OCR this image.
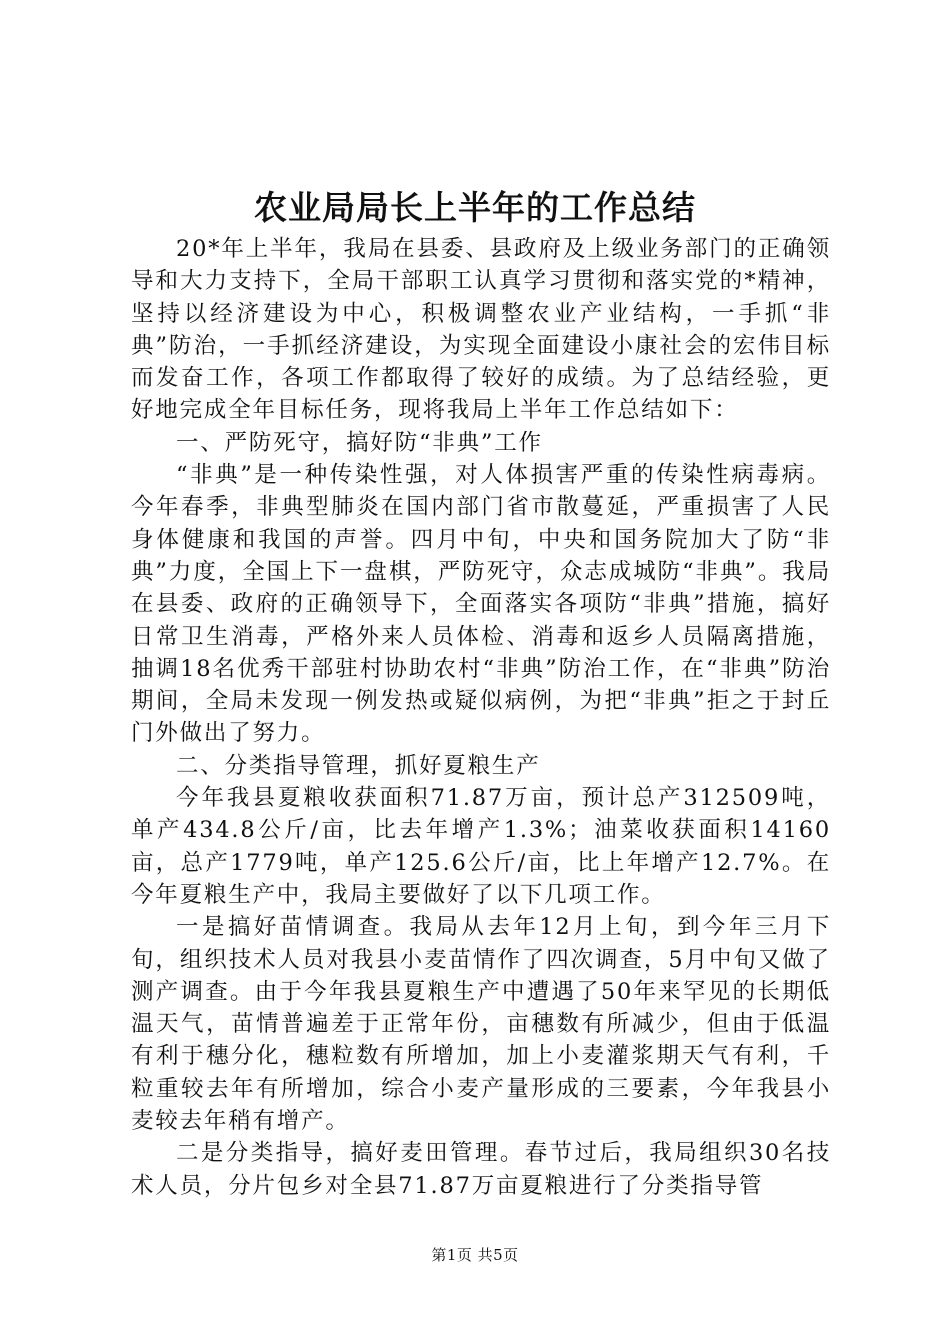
农业局局长上半年的工作总结

20*年上半年，我局在县委、县政府及上级业务部门的正确领导和大力支持下，全局干部职工认真学习贯彻和落实党的*精神，坚持以经济建设为中心，积极调整农业产业结构，一手抓“非典”防治，一手抓经济建设，为实现全面建设小康社会的宏伟目标而发奋工作，各项工作都取得了较好的成绩。为了总结经验，更好地完成全年目标任务，现将我局上半年工作总结如下：

一、严防死守，搞好防“非典”工作

“非典”是一种传染性强，对人体损害严重的传染性病毒病。今年春季，非典型肺炎在国内部门省市散蔓延，严重损害了人民身体健康和我国的声誉。四月中旬，中央和国务院加大了防“非典”力度，全国上下一盘棋，严防死守，众志成城防“非典”。我局在县委、政府的正确领导下，全面落实各项防“非典”措施，搞好日常卫生消毒，严格外来人员体检、消毒和返乡人员隔离措施，抽调18名优秀干部驻村协助农村“非典”防治工作，在“非典”防治期间，全局未发现一例发热或疑似病例，为把“非典”拒之于封丘门外做出了努力。

二、分类指导管理，抓好夏粮生产

今年我县夏粮收获面积71.87万亩，预计总产312509吨，单产434.8公斤/亩，比去年增产1.3%；油菜收获面积14160亩，总产1779吨，单产125.6公斤/亩，比上年增产12.7%。在今年夏粮生产中，我局主要做好了以下几项工作。

一是搞好苗情调查。我局从去年12月上旬，到今年三月下旬，组织技术人员对我县小麦苗情作了四次调查，5月中旬又做了测产调查。由于今年我县夏粮生产中遭遇了50年来罕见的长期低温天气，苗情普遍差于正常年份，亩穗数有所减少，但由于低温有利于穗分化，穗粒数有所增加，加上小麦灌浆期天气有利，千粒重较去年有所增加，综合小麦产量形成的三要素，今年我县小麦较去年稍有增产。

二是分类指导，搞好麦田管理。春节过后，我局组织30名技术人员，分片包乡对全县71.87万亩夏粮进行了分类指导管

第1页 共5页
